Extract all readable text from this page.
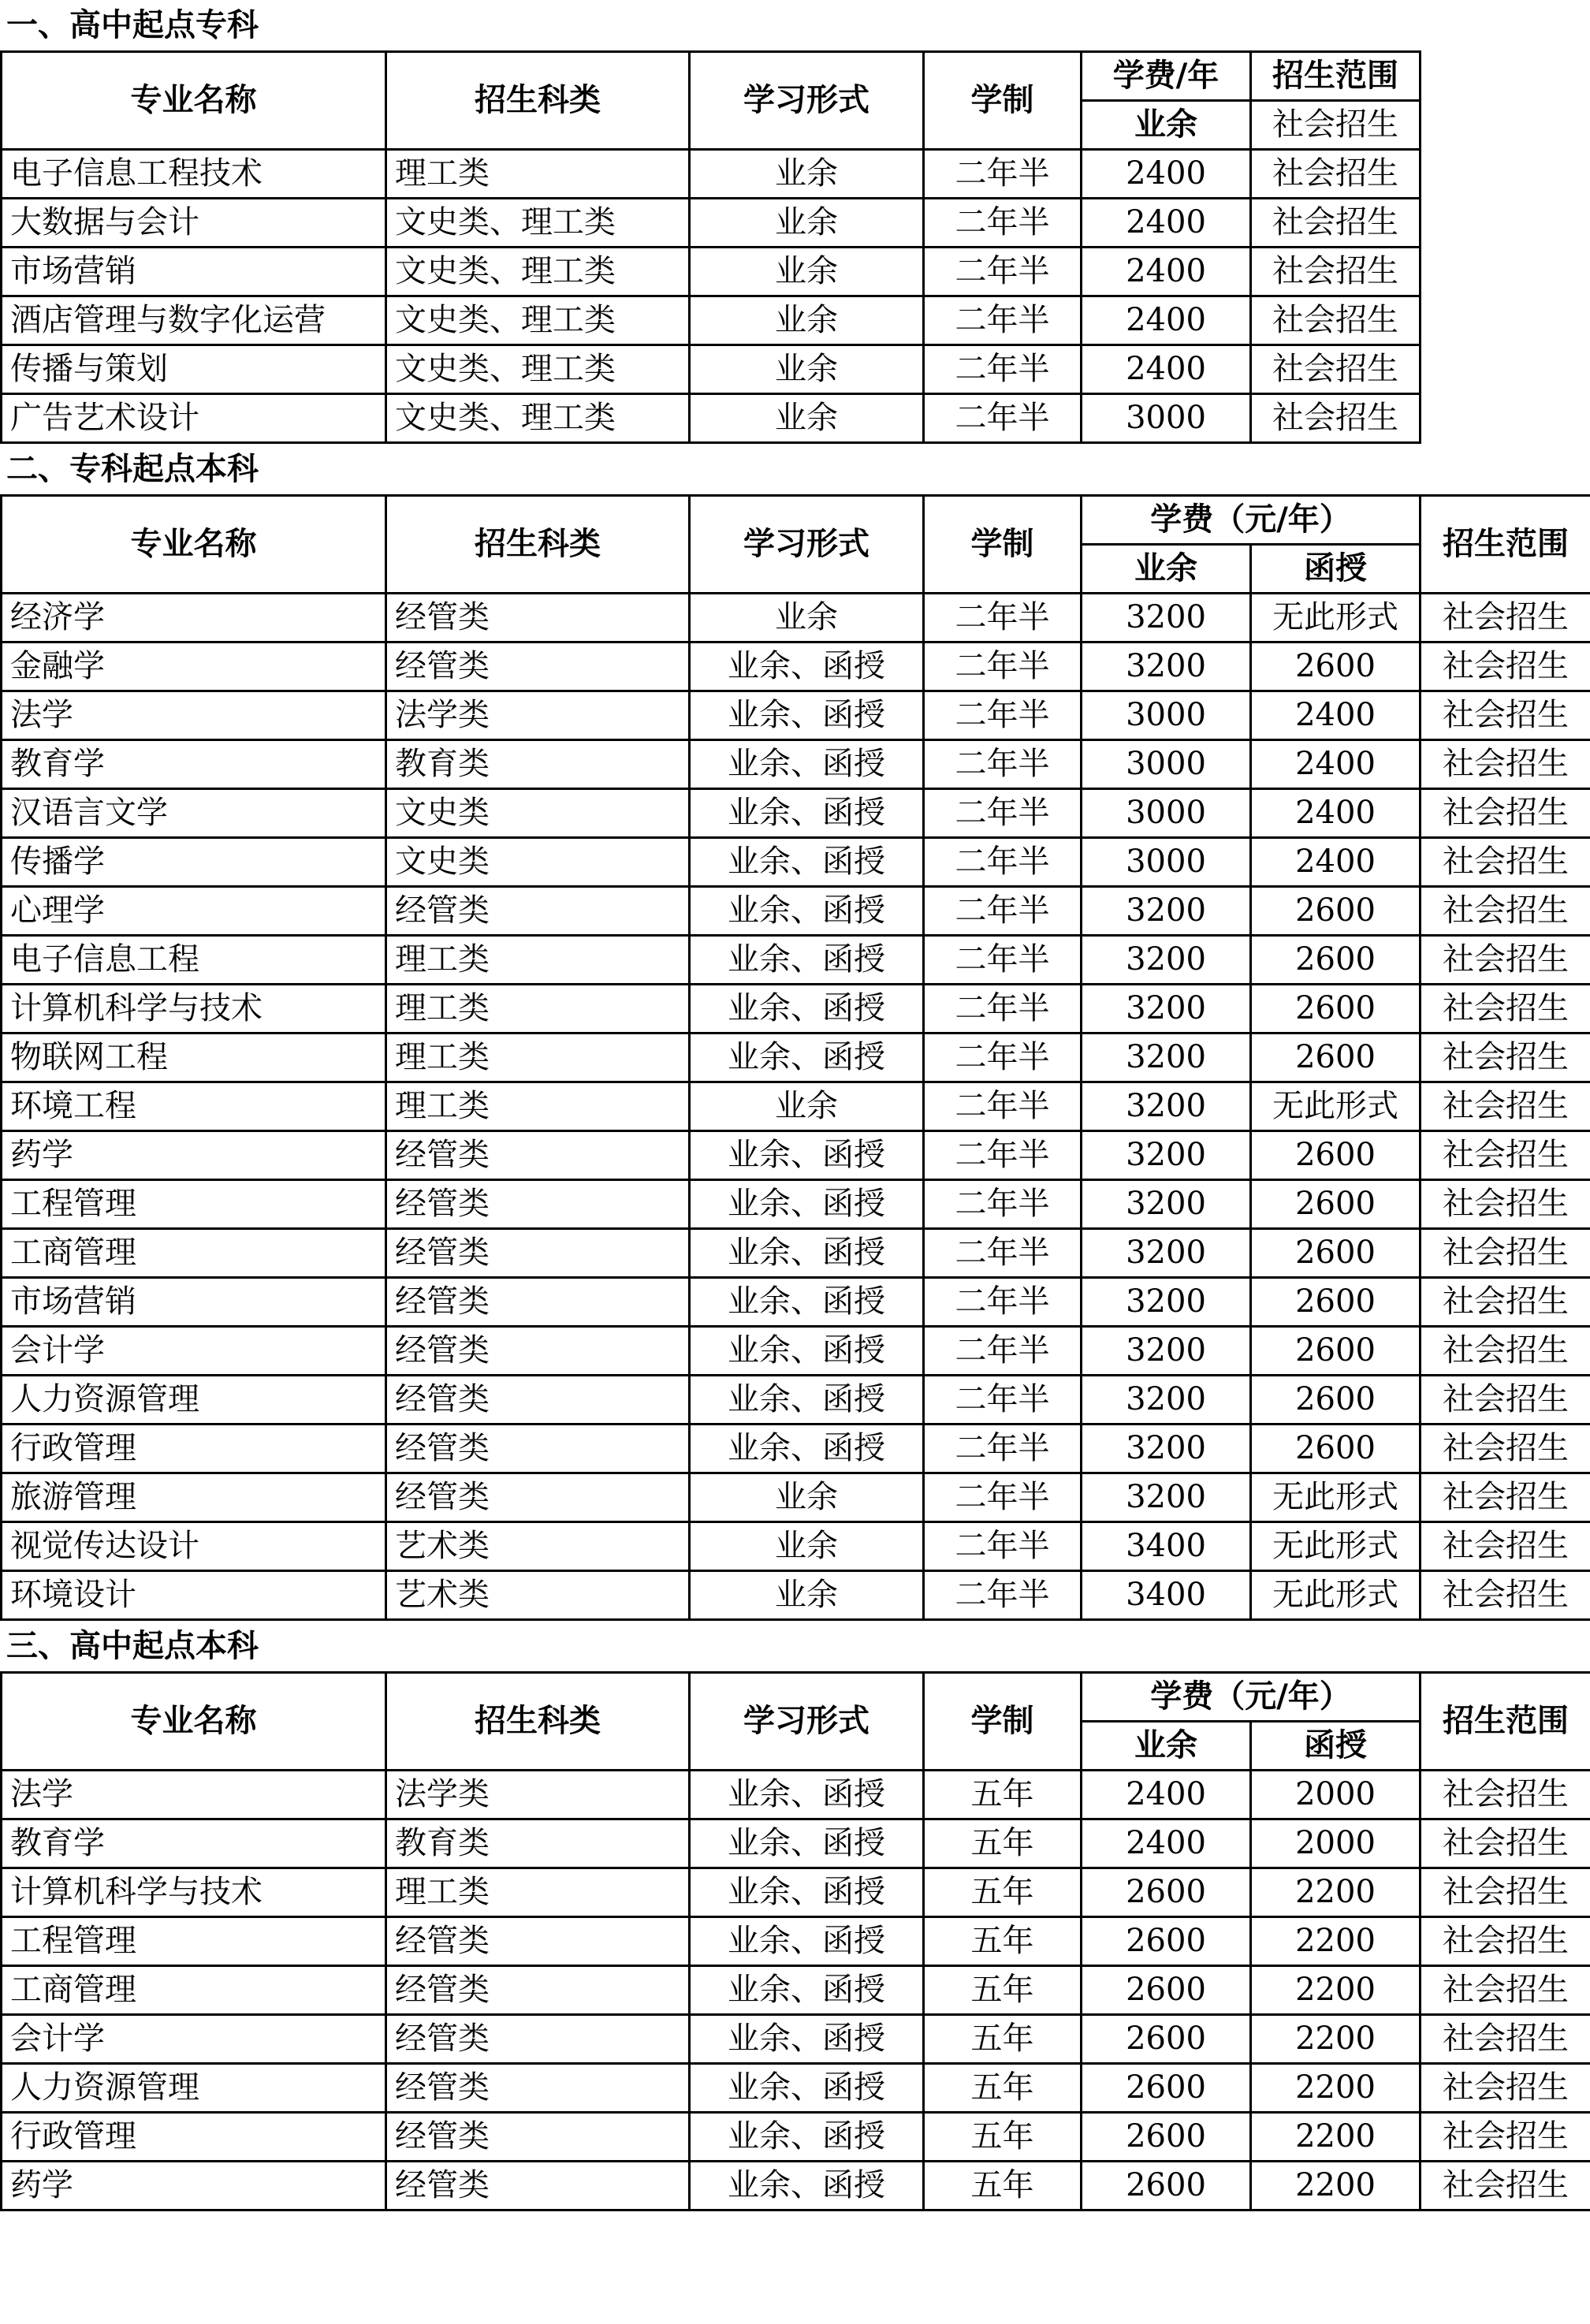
一、高中起点专科
专业名称	招生科类	学习形式	学制	学费/年	招生范围
				业余	社会招生
电子信息工程技术	理工类	业余	二年半	2400	社会招生
大数据与会计	文史类、理工类	业余	二年半	2400	社会招生
市场营销	文史类、理工类	业余	二年半	2400	社会招生
酒店管理与数字化运营	文史类、理工类	业余	二年半	2400	社会招生
传播与策划	文史类、理工类	业余	二年半	2400	社会招生
广告艺术设计	文史类、理工类	业余	二年半	3000	社会招生
二、专科起点本科
专业名称	招生科类	学习形式	学制	学费（元/年）		招生范围
				业余	函授	
经济学	经管类	业余	二年半	3200	无此形式	社会招生
金融学	经管类	业余、函授	二年半	3200	2600	社会招生
法学	法学类	业余、函授	二年半	3000	2400	社会招生
教育学	教育类	业余、函授	二年半	3000	2400	社会招生
汉语言文学	文史类	业余、函授	二年半	3000	2400	社会招生
传播学	文史类	业余、函授	二年半	3000	2400	社会招生
心理学	经管类	业余、函授	二年半	3200	2600	社会招生
电子信息工程	理工类	业余、函授	二年半	3200	2600	社会招生
计算机科学与技术	理工类	业余、函授	二年半	3200	2600	社会招生
物联网工程	理工类	业余、函授	二年半	3200	2600	社会招生
环境工程	理工类	业余	二年半	3200	无此形式	社会招生
药学	经管类	业余、函授	二年半	3200	2600	社会招生
工程管理	经管类	业余、函授	二年半	3200	2600	社会招生
工商管理	经管类	业余、函授	二年半	3200	2600	社会招生
市场营销	经管类	业余、函授	二年半	3200	2600	社会招生
会计学	经管类	业余、函授	二年半	3200	2600	社会招生
人力资源管理	经管类	业余、函授	二年半	3200	2600	社会招生
行政管理	经管类	业余、函授	二年半	3200	2600	社会招生
旅游管理	经管类	业余	二年半	3200	无此形式	社会招生
视觉传达设计	艺术类	业余	二年半	3400	无此形式	社会招生
环境设计	艺术类	业余	二年半	3400	无此形式	社会招生
三、高中起点本科
专业名称	招生科类	学习形式	学制	学费（元/年）		招生范围
				业余	函授	
法学	法学类	业余、函授	五年	2400	2000	社会招生
教育学	教育类	业余、函授	五年	2400	2000	社会招生
计算机科学与技术	理工类	业余、函授	五年	2600	2200	社会招生
工程管理	经管类	业余、函授	五年	2600	2200	社会招生
工商管理	经管类	业余、函授	五年	2600	2200	社会招生
会计学	经管类	业余、函授	五年	2600	2200	社会招生
人力资源管理	经管类	业余、函授	五年	2600	2200	社会招生
行政管理	经管类	业余、函授	五年	2600	2200	社会招生
药学	经管类	业余、函授	五年	2600	2200	社会招生
